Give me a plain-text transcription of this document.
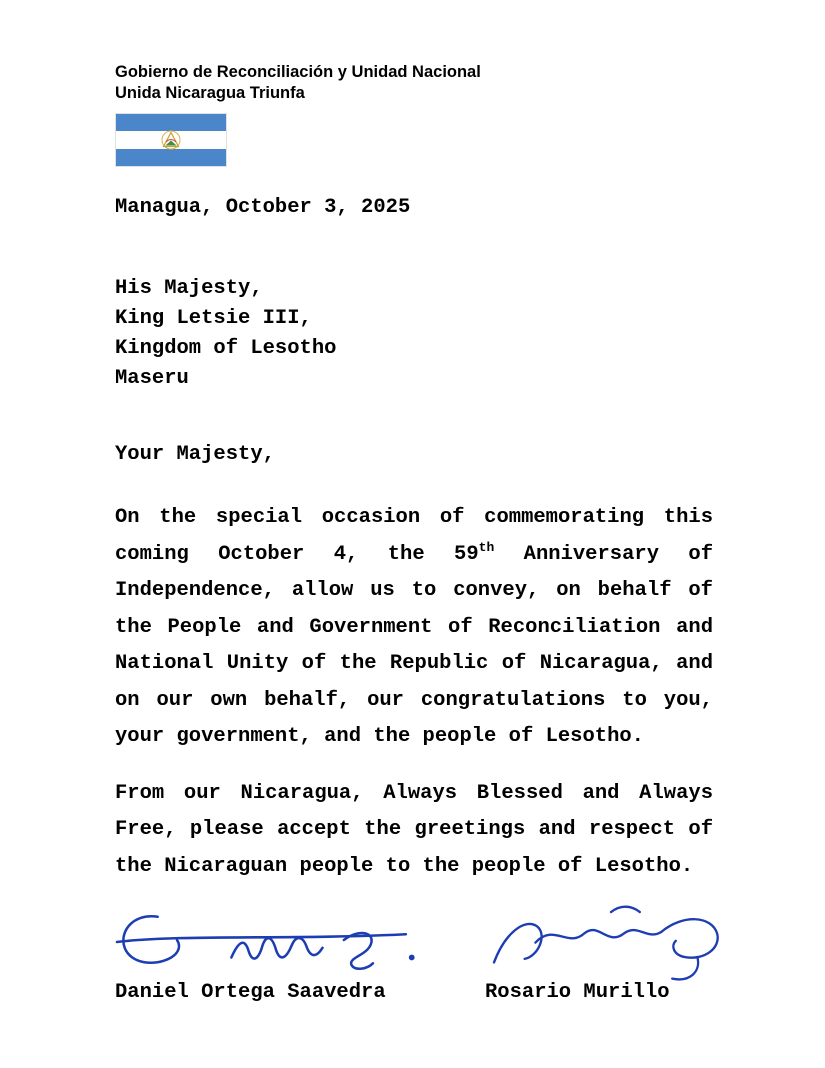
Gobierno de Reconciliación y Unidad Nacional
Unida Nicaragua Triunfa
Managua, October 3, 2025
His Majesty,
King Letsie III,
Kingdom of Lesotho
Maseru
Your Majesty,

On the special occasion of commemorating this coming October 4, the 59th Anniversary of Independence, allow us to convey, on behalf of the People and Government of Reconciliation and National Unity of the Republic of Nicaragua, and on our own behalf, our congratulations to you, your government, and the people of Lesotho.

From our Nicaragua, Always Blessed and Always Free, please accept the greetings and respect of the Nicaraguan people to the people of Lesotho.

Daniel Ortega Saavedra	Rosario Murillo
